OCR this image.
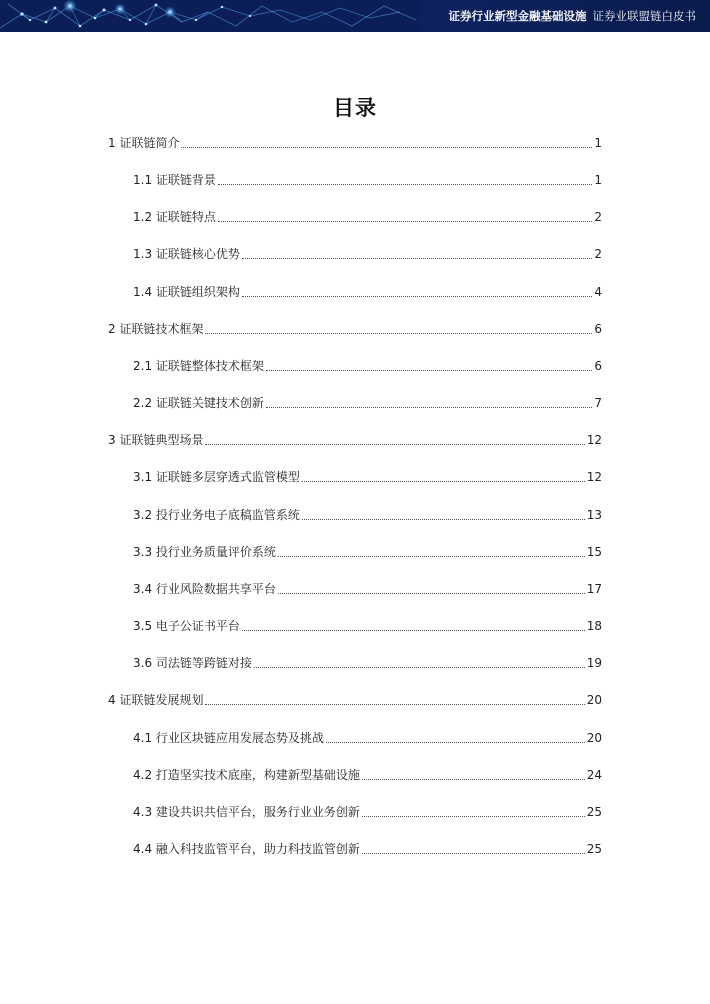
证券行业新型金融基础设施 证券业联盟链白皮书
目录
1 证联链简介	1
1.1 证联链背景	1
1.2 证联链特点	2
1.3 证联链核心优势	2
1.4 证联链组织架构	4
2 证联链技术框架	6
2.1 证联链整体技术框架	6
2.2 证联链关键技术创新	7
3 证联链典型场景	12
3.1 证联链多层穿透式监管模型	12
3.2 投行业务电子底稿监管系统	13
3.3 投行业务质量评价系统	15
3.4 行业风险数据共享平台	17
3.5 电子公证书平台	18
3.6 司法链等跨链对接	19
4 证联链发展规划	20
4.1 行业区块链应用发展态势及挑战	20
4.2 打造坚实技术底座，构建新型基础设施	24
4.3 建设共识共信平台，服务行业业务创新	25
4.4 融入科技监管平台，助力科技监管创新	25
